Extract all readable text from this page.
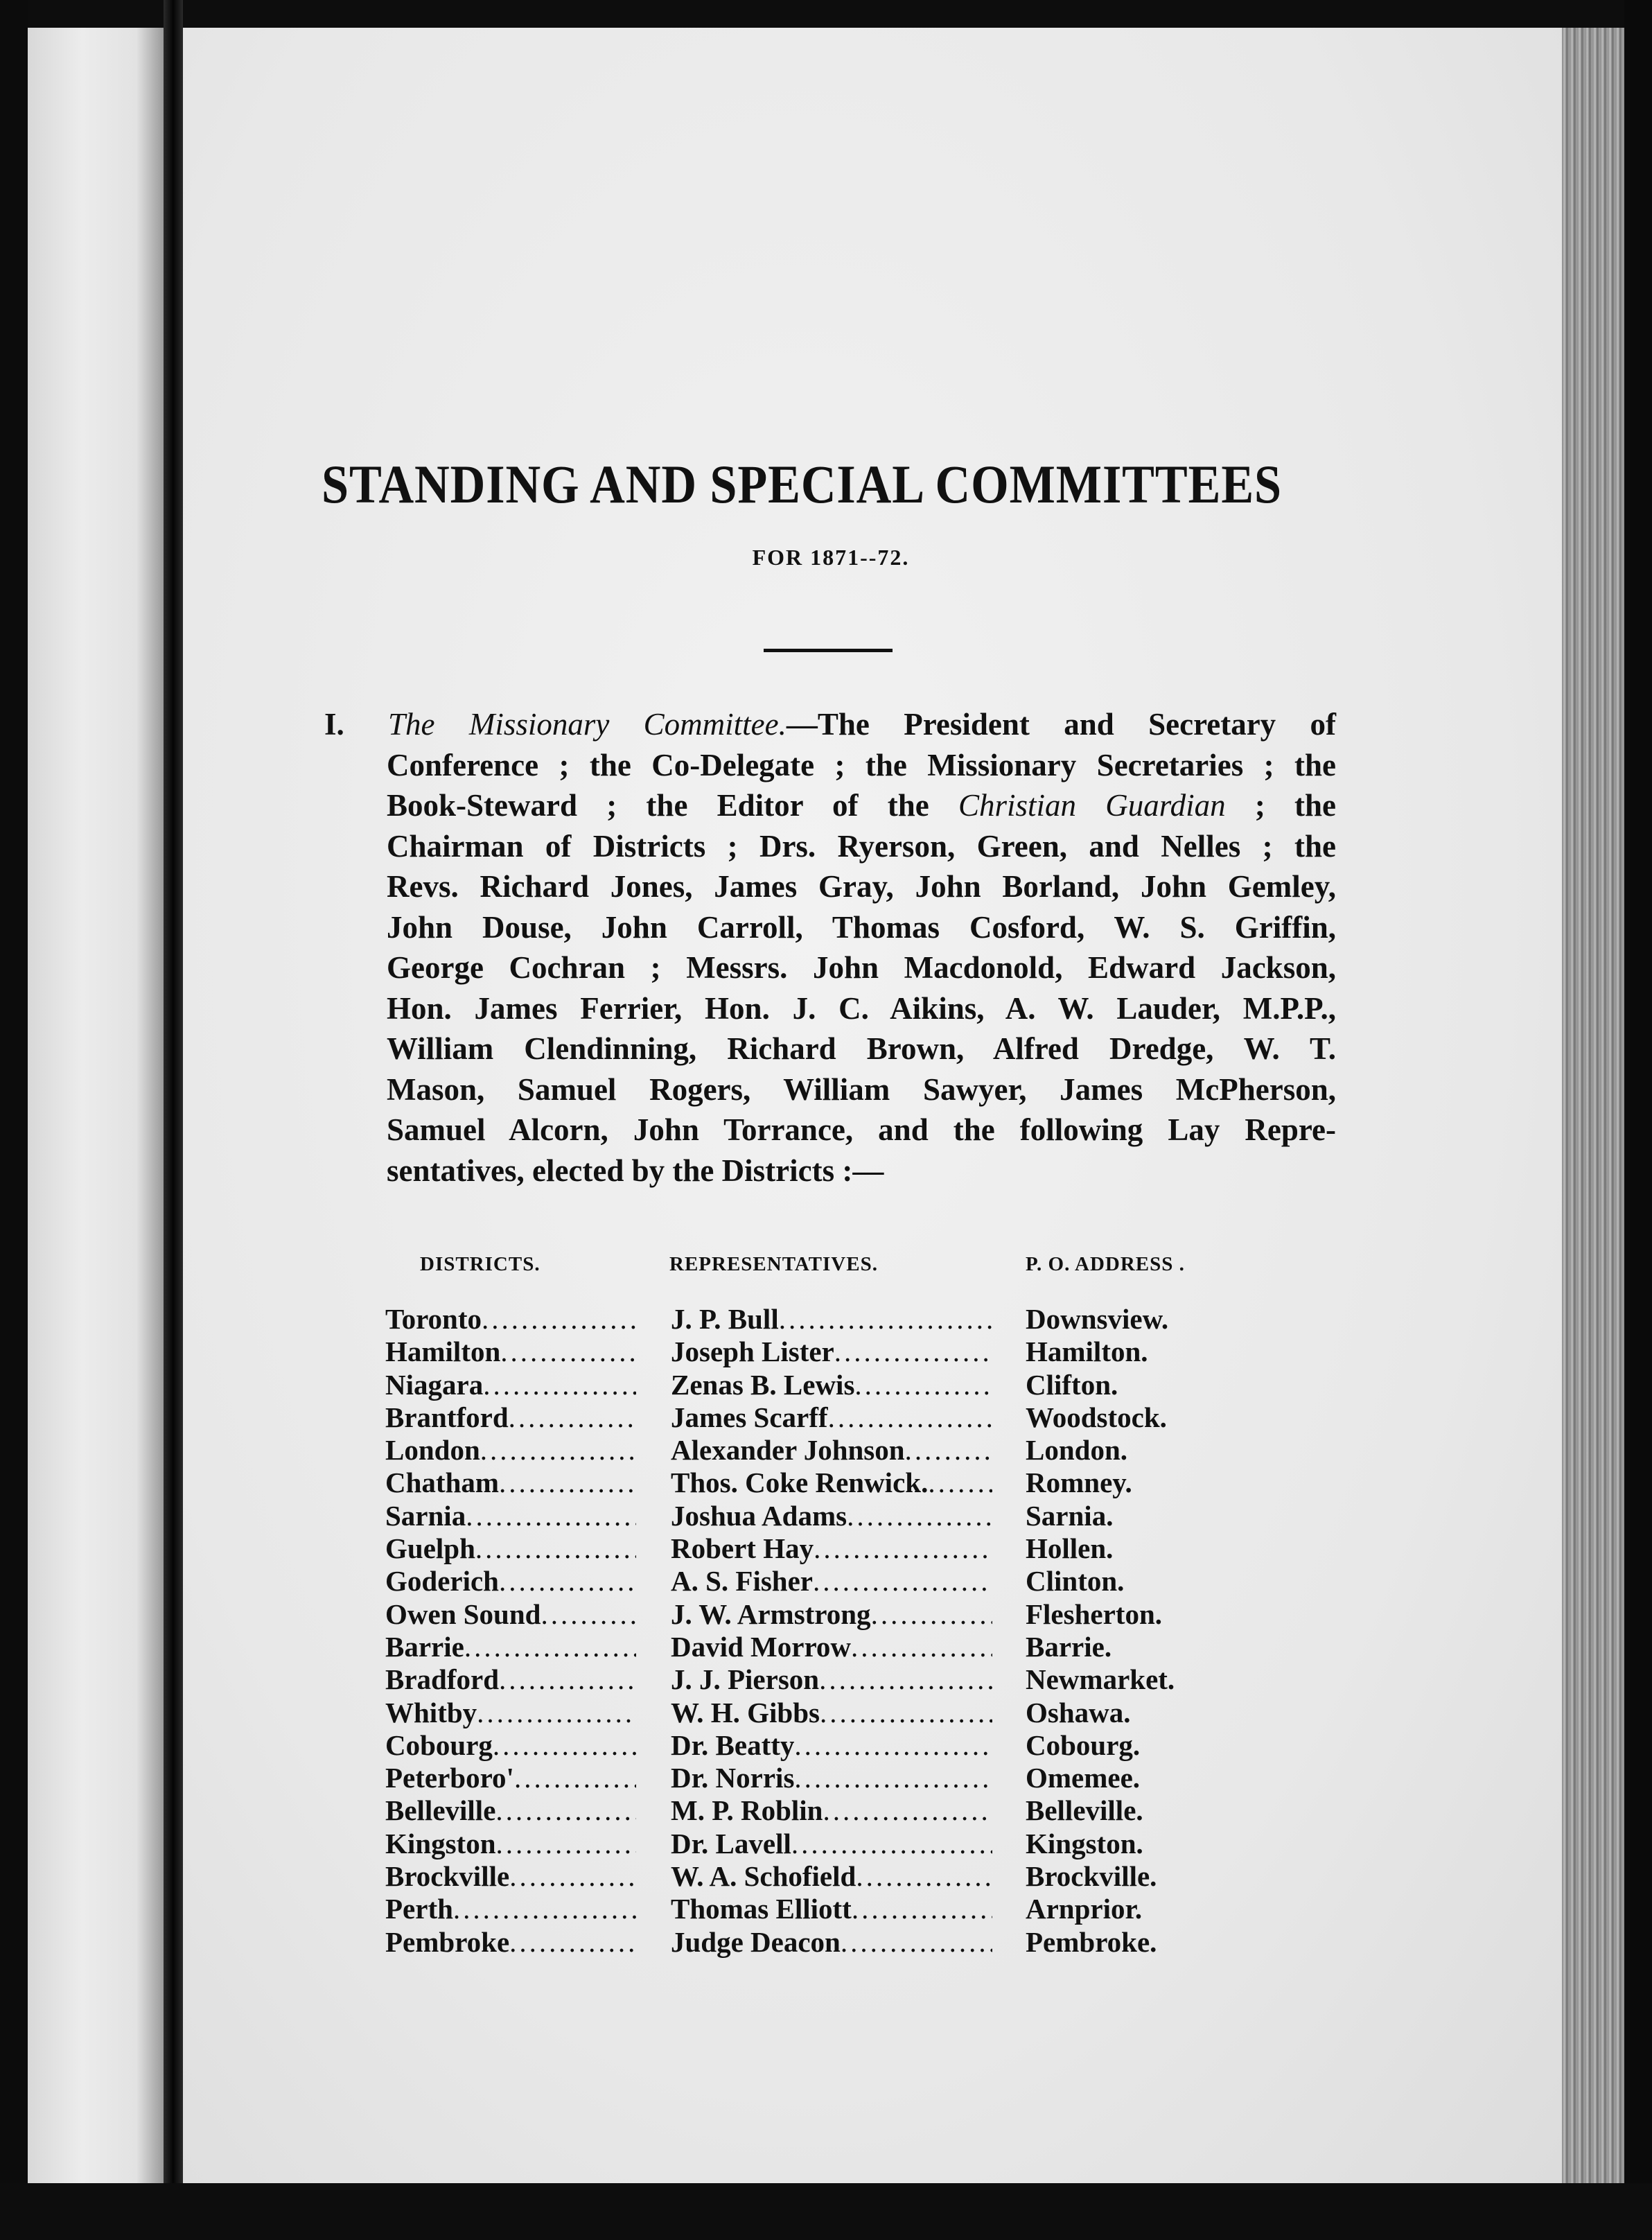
STANDING AND SPECIAL COMMITTEES
FOR 1871--72.
I. The Missionary Committee.—The President and Secretary of
Conference ; the Co-Delegate ; the Missionary Secretaries ; the
Book-Steward ; the Editor of the Christian Guardian ; the
Chairman of Districts ; Drs. Ryerson, Green, and Nelles ; the
Revs. Richard Jones, James Gray, John Borland, John Gemley,
John Douse, John Carroll, Thomas Cosford, W. S. Griffin,
George Cochran ; Messrs. John Macdonold, Edward Jackson,
Hon. James Ferrier, Hon. J. C. Aikins, A. W. Lauder, M.P.P.,
William Clendinning, Richard Brown, Alfred Dredge, W. T.
Mason, Samuel Rogers, William Sawyer, James McPherson,
Samuel Alcorn, John Torrance, and the following Lay Repre-
sentatives, elected by the Districts :—
DISTRICTS.	REPRESENTATIVES.	P. O. ADDRESS .
Toronto .....	J. P. Bull .....	Downsview.
Hamilton .....	Joseph Lister .....	Hamilton.
Niagara .....	Zenas B. Lewis .....	Clifton.
Brantford .....	James Scarff .....	Woodstock.
London .....	Alexander Johnson .....	London.
Chatham .....	Thos. Coke Renwick. .....	Romney.
Sarnia .....	Joshua Adams .....	Sarnia.
Guelph .....	Robert Hay .....	Hollen.
Goderich .....	A. S. Fisher .....	Clinton.
Owen Sound .....	J. W. Armstrong .....	Flesherton.
Barrie .....	David Morrow .....	Barrie.
Bradford .....	J. J. Pierson .....	Newmarket.
Whitby .....	W. H. Gibbs .....	Oshawa.
Cobourg .....	Dr. Beatty .....	Cobourg.
Peterboro' .....	Dr. Norris .....	Omemee.
Belleville .....	M. P. Roblin .....	Belleville.
Kingston .....	Dr. Lavell .....	Kingston.
Brockville .....	W. A. Schofield .....	Brockville.
Perth .....	Thomas Elliott .....	Arnprior.
Pembroke .....	Judge Deacon .....	Pembroke.
